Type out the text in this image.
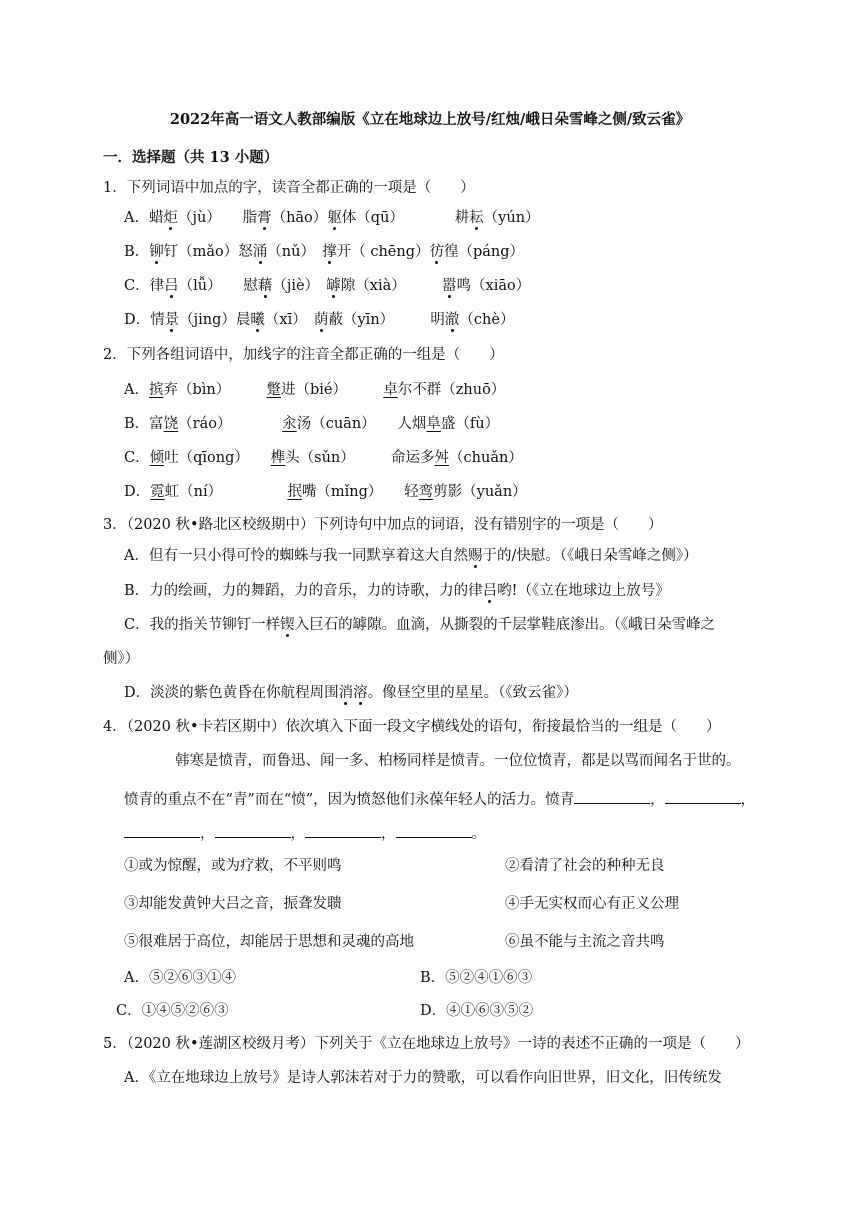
2022年高一语文人教部编版《立在地球边上放号/红烛/峨日朵雪峰之侧/致云雀》
一．选择题（共 13 小题）
1．下列词语中加点的字，读音全都正确的一项是（　　）
A．蜡炬（jù）　　脂膏（hāo）躯体（qū）　　　　耕耘（yún）
B．铆钉（mǎo）怒涌（nǔ）　撑开（ chēng）彷徨（páng）
C．律吕（lǚ）　　慰藉（jiè）　罅隙（xià）　　　嚣鸣（xiāo）
D．情景（jing）晨曦（ⅹī）　荫蔽（yīn）　　　明澈（chè）
2．下列各组词语中，加线字的注音全都正确的一组是（　　）
A．摈弃（bìn）　　　蹩进（bié）　　　卓尔不群（zhuō）
B．富饶（ráo）　　　　汆汤（cuān）　　人烟阜盛（fù）
C．倾吐（qīong）　　榫头（sǔn）　　　命运多舛（chuǎn）
D．霓虹（ní）　　　　　抿嘴（mǐng）　　轻鸾剪影（yuǎn）
3．（2020 秋•路北区校级期中）下列诗句中加点的词语，没有错别字的一项是（　　）
A．但有一只小得可怜的蜘蛛与我一同默享着这大自然赐于的/快慰。（《峨日朵雪峰之侧》）
B．力的绘画，力的舞蹈，力的音乐，力的诗歌，力的律吕哟!（《立在地球边上放号》
C．我的指关节铆钉一样锲入巨石的罅隙。血滴，从撕裂的千层掌鞋底渗出。（《峨日朵雪峰之
侧》）
D．淡淡的紫色黄昏在你航程周围消溶。像昼空里的星星。（《致云雀》）
4．（2020 秋•卡若区期中）依次填入下面一段文字横线处的语句，衔接最恰当的一组是（　　）
韩寒是愤青，而鲁迅、闻一多、柏杨同样是愤青。一位位愤青，都是以骂而闻名于世的。
愤青的重点不在“青”而在“愤”，因为愤怒他们永葆年轻人的活力。愤青	，	，
，	，	，	。
①或为惊醒，或为疗救，不平则鸣	②看清了社会的种种无良
③却能发黄钟大吕之音，振聋发聩	④手无实权而心有正义公理
⑤很难居于高位，却能居于思想和灵魂的高地	⑥虽不能与主流之音共鸣
A．⑤②⑥③①④	B．⑤②④①⑥③
C．①④⑤②⑥③	D．④①⑥③⑤②
5．（2020 秋•莲湖区校级月考）下列关于《立在地球边上放号》一诗的表述不正确的一项是（　　）
A．《立在地球边上放号》是诗人郭沫若对于力的赞歌，可以看作向旧世界，旧文化，旧传统发
